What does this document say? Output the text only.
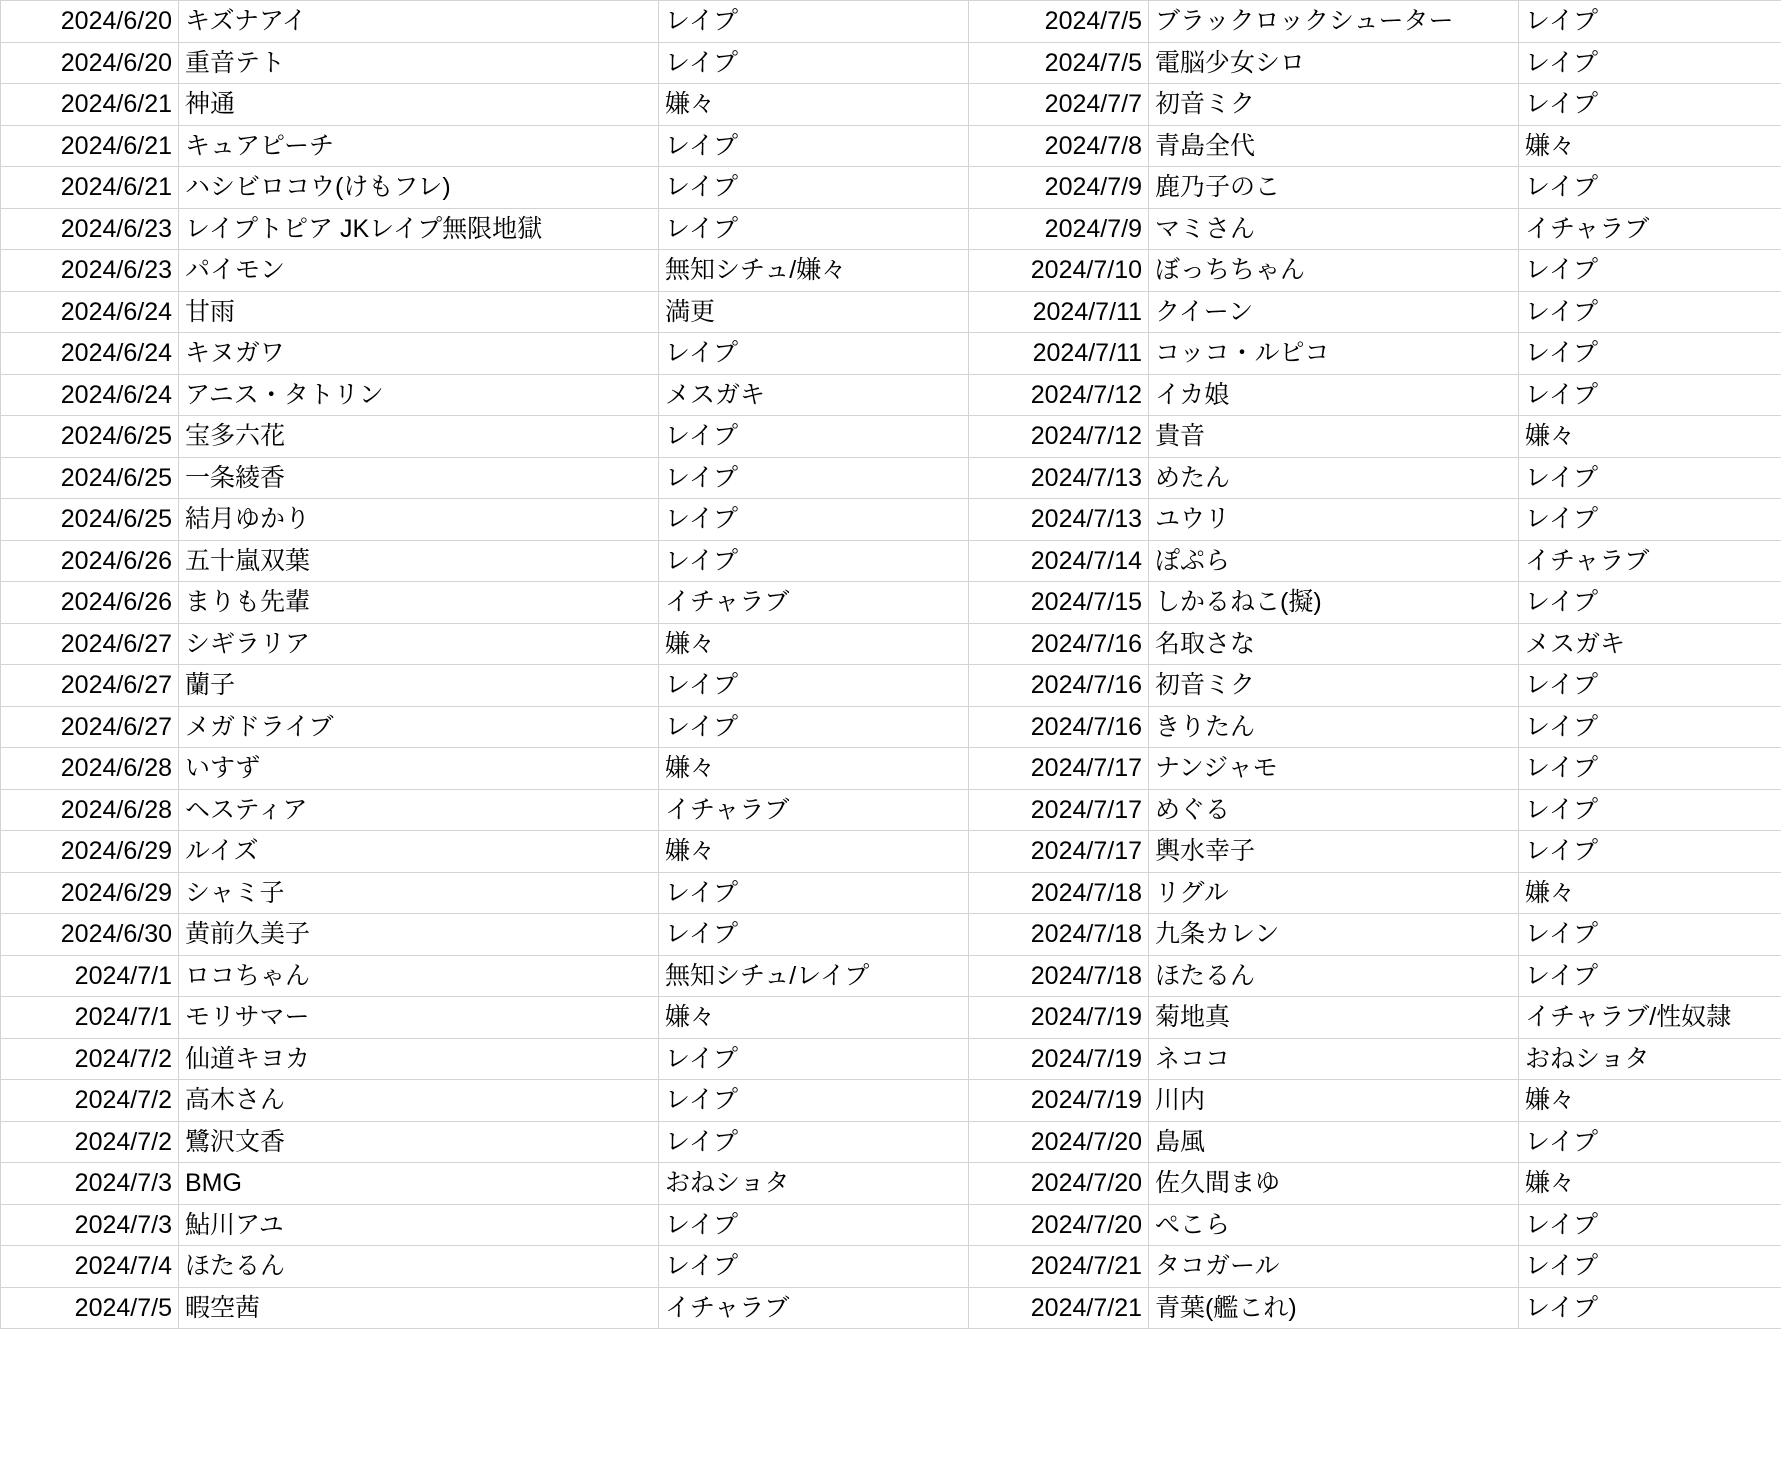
2024/6/20	キズナアイ	レイプ	2024/7/5	ブラックロックシューター	レイプ
2024/6/20	重音テト	レイプ	2024/7/5	電脳少女シロ	レイプ
2024/6/21	神通	嫌々	2024/7/7	初音ミク	レイプ
2024/6/21	キュアピーチ	レイプ	2024/7/8	青島全代	嫌々
2024/6/21	ハシビロコウ(けもフレ)	レイプ	2024/7/9	鹿乃子のこ	レイプ
2024/6/23	レイプトピア JKレイプ無限地獄	レイプ	2024/7/9	マミさん	イチャラブ
2024/6/23	パイモン	無知シチュ/嫌々	2024/7/10	ぼっちちゃん	レイプ
2024/6/24	甘雨	満更	2024/7/11	クイーン	レイプ
2024/6/24	キヌガワ	レイプ	2024/7/11	コッコ・ルピコ	レイプ
2024/6/24	アニス・タトリン	メスガキ	2024/7/12	イカ娘	レイプ
2024/6/25	宝多六花	レイプ	2024/7/12	貴音	嫌々
2024/6/25	一条綾香	レイプ	2024/7/13	めたん	レイプ
2024/6/25	結月ゆかり	レイプ	2024/7/13	ユウリ	レイプ
2024/6/26	五十嵐双葉	レイプ	2024/7/14	ぽぷら	イチャラブ
2024/6/26	まりも先輩	イチャラブ	2024/7/15	しかるねこ(擬)	レイプ
2024/6/27	シギラリア	嫌々	2024/7/16	名取さな	メスガキ
2024/6/27	蘭子	レイプ	2024/7/16	初音ミク	レイプ
2024/6/27	メガドライブ	レイプ	2024/7/16	きりたん	レイプ
2024/6/28	いすず	嫌々	2024/7/17	ナンジャモ	レイプ
2024/6/28	ヘスティア	イチャラブ	2024/7/17	めぐる	レイプ
2024/6/29	ルイズ	嫌々	2024/7/17	輿水幸子	レイプ
2024/6/29	シャミ子	レイプ	2024/7/18	リグル	嫌々
2024/6/30	黄前久美子	レイプ	2024/7/18	九条カレン	レイプ
2024/7/1	ロコちゃん	無知シチュ/レイプ	2024/7/18	ほたるん	レイプ
2024/7/1	モリサマー	嫌々	2024/7/19	菊地真	イチャラブ/性奴隷
2024/7/2	仙道キヨカ	レイプ	2024/7/19	ネココ	おねショタ
2024/7/2	高木さん	レイプ	2024/7/19	川内	嫌々
2024/7/2	鷺沢文香	レイプ	2024/7/20	島風	レイプ
2024/7/3	BMG	おねショタ	2024/7/20	佐久間まゆ	嫌々
2024/7/3	鮎川アユ	レイプ	2024/7/20	ぺこら	レイプ
2024/7/4	ほたるん	レイプ	2024/7/21	タコガール	レイプ
2024/7/5	暇空茜	イチャラブ	2024/7/21	青葉(艦これ)	レイプ
